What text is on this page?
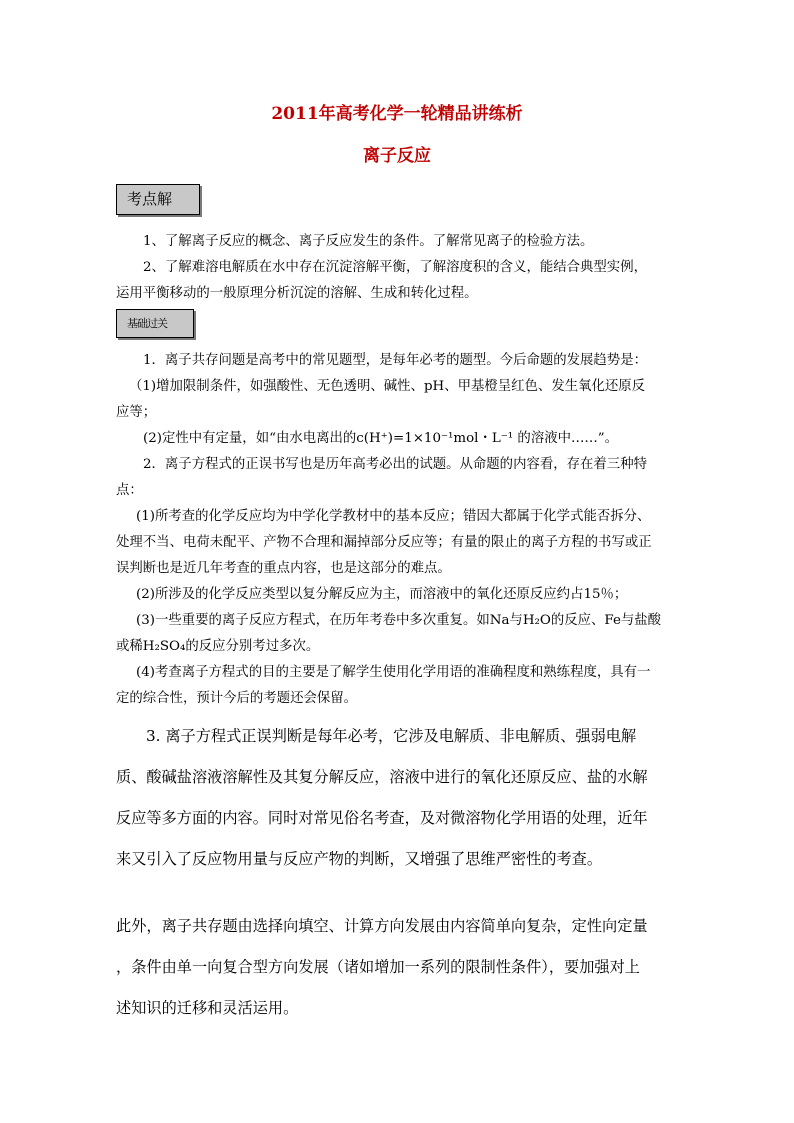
2011年高考化学一轮精品讲练析
离子反应
考点解
1、了解离子反应的概念、离子反应发生的条件。了解常见离子的检验方法。
2、了解难溶电解质在水中存在沉淀溶解平衡，了解溶度积的含义，能结合典型实例，
运用平衡移动的一般原理分析沉淀的溶解、生成和转化过程。
基础过关
1．离子共存问题是高考中的常见题型，是每年必考的题型。今后命题的发展趋势是：
（1)增加限制条件，如强酸性、无色透明、碱性、pH、甲基橙呈红色、发生氧化还原反
应等；
(2)定性中有定量，如“由水电离出的c(H⁺)=1×10⁻¹mol・L⁻¹ 的溶液中……”。
2．离子方程式的正误书写也是历年高考必出的试题。从命题的内容看，存在着三种特
点：
(1)所考查的化学反应均为中学化学教材中的基本反应；错因大都属于化学式能否拆分、
处理不当、电荷未配平、产物不合理和漏掉部分反应等；有量的限止的离子方程的书写或正
误判断也是近几年考查的重点内容，也是这部分的难点。
(2)所涉及的化学反应类型以复分解反应为主，而溶液中的氧化还原反应约占15％；
(3)一些重要的离子反应方程式，在历年考卷中多次重复。如Na与H₂O的反应、Fe与盐酸
或稀H₂SO₄的反应分别考过多次。
(4)考查离子方程式的目的主要是了解学生使用化学用语的准确程度和熟练程度，具有一
定的综合性，预计今后的考题还会保留。
3. 离子方程式正误判断是每年必考，它涉及电解质、非电解质、强弱电解
质、酸碱盐溶液溶解性及其复分解反应，溶液中进行的氧化还原反应、盐的水解
反应等多方面的内容。同时对常见俗名考查，及对微溶物化学用语的处理，近年
来又引入了反应物用量与反应产物的判断，又增强了思维严密性的考查。
此外，离子共存题由选择向填空、计算方向发展由内容简单向复杂，定性向定量
，条件由单一向复合型方向发展（诸如增加一系列的限制性条件），要加强对上
述知识的迁移和灵活运用。
